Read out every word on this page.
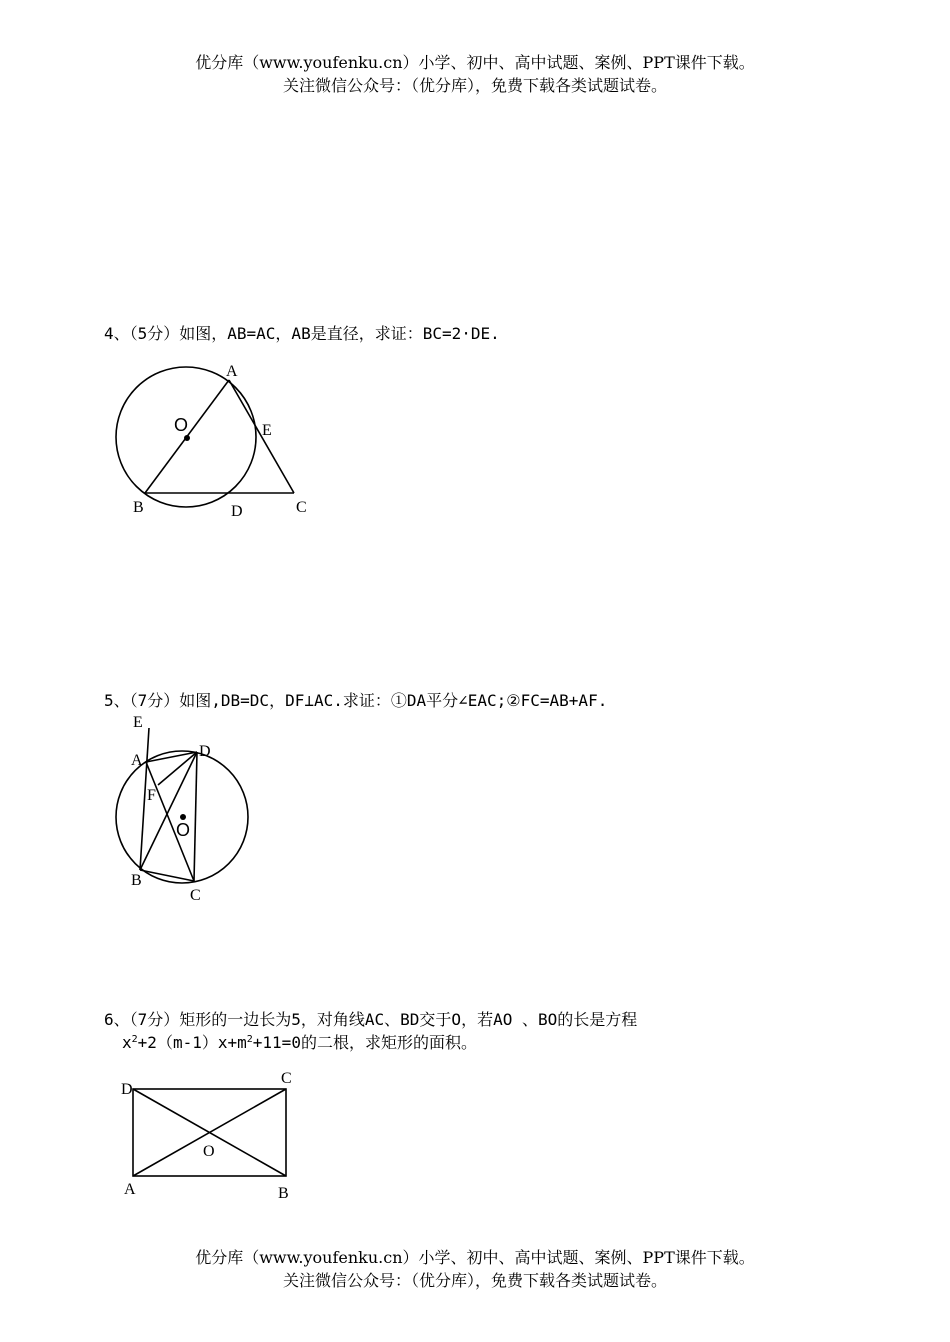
优分库（www.youfenku.cn）小学、初中、高中试题、案例、PPT课件下载。
关注微信公众号：（优分库），免费下载各类试题试卷。
4、（5分）如图，AB=AC，AB是直径，求证：BC=2·DE.
A
E
O
B	D	C
5、（7分）如图,DB=DC，DF⊥AC.求证：①DA平分∠EAC;②FC=AB+AF.
E
A
D
F
O
B
C
6、（7分）矩形的一边长为5，对角线AC、BD交于O，若AO 、BO的长是方程
$x^2+2(m-1)x+m^2+11=0$的二根，求矩形的面积。
D
C
O
A	B
优分库（www.youfenku.cn）小学、初中、高中试题、案例、PPT课件下载。
关注微信公众号：（优分库），免费下载各类试题试卷。
